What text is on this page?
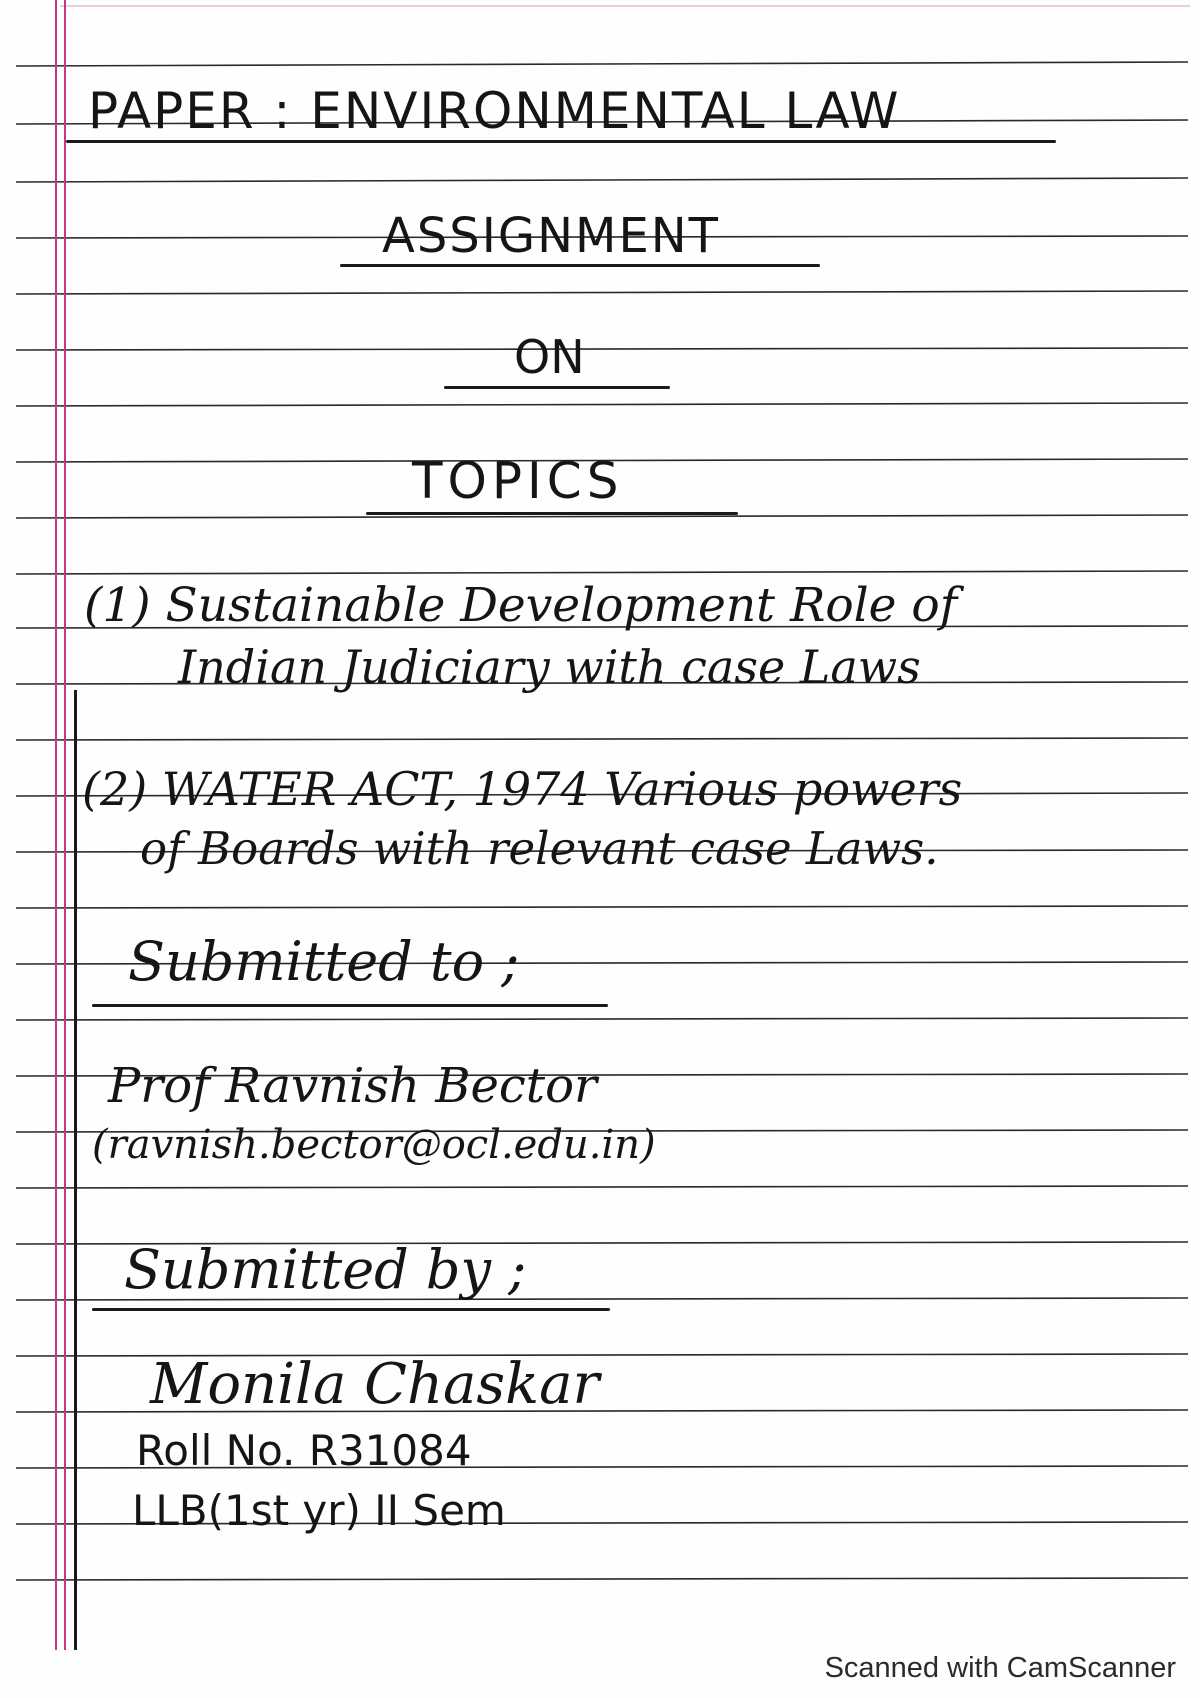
PAPER : ENVIRONMENTAL LAW
ASSIGNMENT
ON
TOPICS
(1) Sustainable Development Role of
Indian Judiciary with case Laws
(2) WATER ACT, 1974 Various powers
of Boards with relevant case Laws.
Submitted to ;
Prof Ravnish Bector
(ravnish.bector@ocl.edu.in)
Submitted by ;
Monila Chaskar
Roll No. R31084
LLB(1st yr) II Sem
Scanned with CamScanner
